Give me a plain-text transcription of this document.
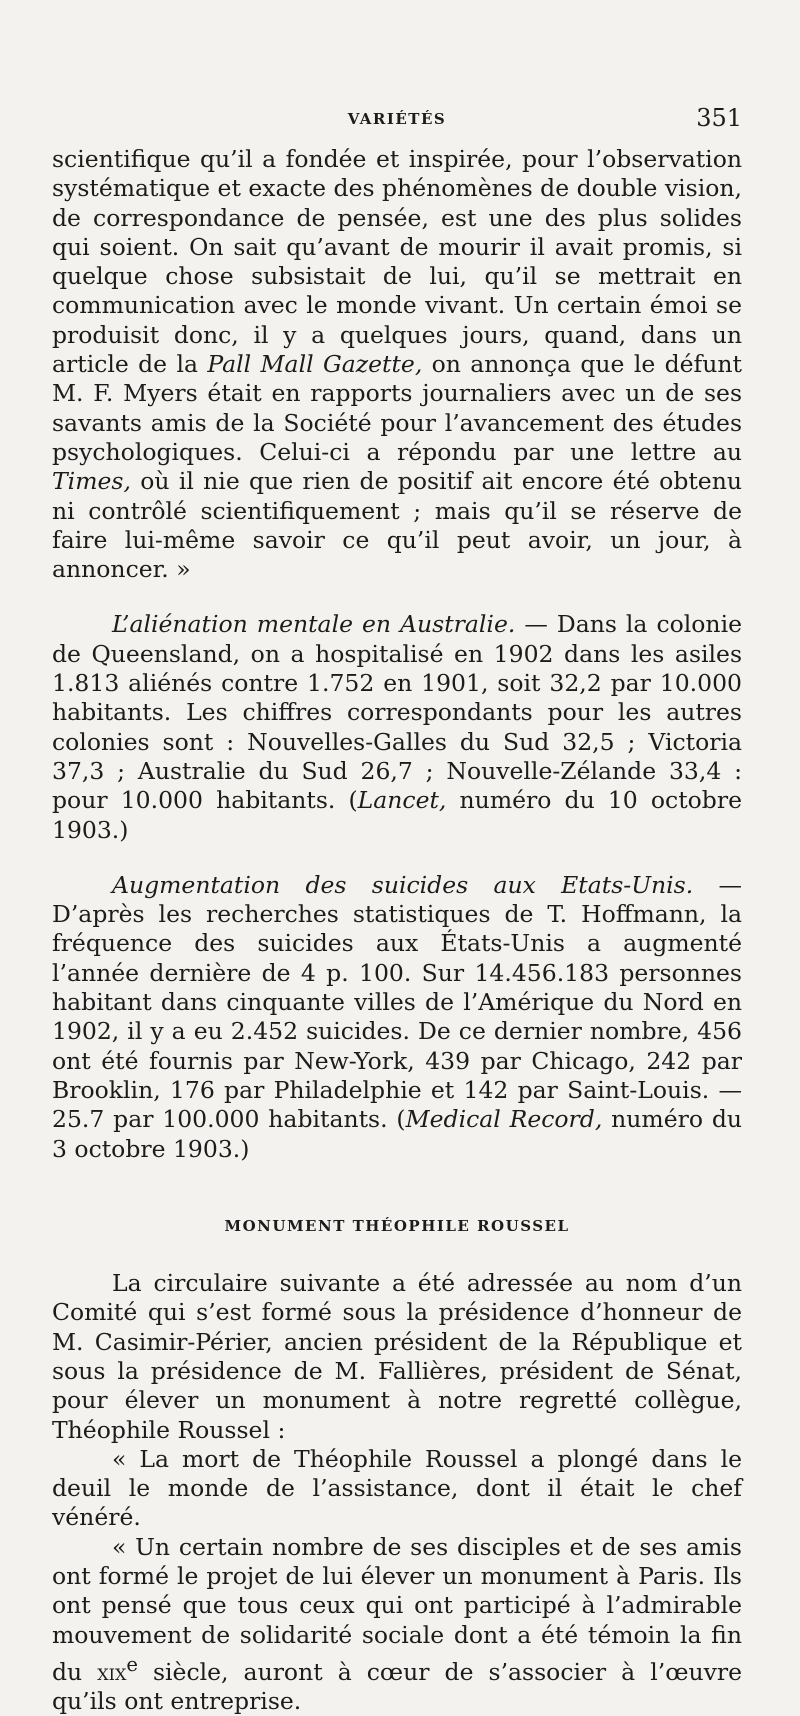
VARIÉTÉS	351

scientifique qu’il a fondée et inspirée, pour l’observation systématique et exacte des phénomènes de double vision, de correspondance de pensée, est une des plus solides qui soient. On sait qu’avant de mourir il avait promis, si quelque chose subsistait de lui, qu’il se mettrait en communication avec le monde vivant. Un certain émoi se produisit donc, il y a quelques jours, quand, dans un article de la Pall Mall Gazette, on annonça que le défunt M. F. Myers était en rapports journaliers avec un de ses savants amis de la Société pour l’avancement des études psychologiques. Celui-ci a répondu par une lettre au Times, où il nie que rien de positif ait encore été obtenu ni contrôlé scientifiquement ; mais qu’il se réserve de faire lui-même savoir ce qu’il peut avoir, un jour, à annoncer. »

L’aliénation mentale en Australie. — Dans la colonie de Queensland, on a hospitalisé en 1902 dans les asiles 1.813 aliénés contre 1.752 en 1901, soit 32,2 par 10.000 habitants. Les chiffres correspondants pour les autres colonies sont : Nouvelles-Galles du Sud 32,5 ; Victoria 37,3 ; Australie du Sud 26,7 ; Nouvelle-Zélande 33,4 : pour 10.000 habitants. (Lancet, numéro du 10 octobre 1903.)

Augmentation des suicides aux Etats-Unis. — D’après les recherches statistiques de T. Hoffmann, la fréquence des suicides aux États-Unis a augmenté l’année dernière de 4 p. 100. Sur 14.456.183 personnes habitant dans cinquante villes de l’Amérique du Nord en 1902, il y a eu 2.452 suicides. De ce dernier nombre, 456 ont été fournis par New-York, 439 par Chicago, 242 par Brooklin, 176 par Philadelphie et 142 par Saint-Louis. — 25.7 par 100.000 habitants. (Medical Record, numéro du 3 octobre 1903.)

MONUMENT THÉOPHILE ROUSSEL

La circulaire suivante a été adressée au nom d’un Comité qui s’est formé sous la présidence d’honneur de M. Casimir-Périer, ancien président de la République et sous la présidence de M. Fallières, président de Sénat, pour élever un monument à notre regretté collègue, Théophile Roussel :

« La mort de Théophile Roussel a plongé dans le deuil le monde de l’assistance, dont il était le chef vénéré.

« Un certain nombre de ses disciples et de ses amis ont formé le projet de lui élever un monument à Paris. Ils ont pensé que tous ceux qui ont participé à l’admirable mouvement de solidarité sociale dont a été témoin la fin du xix$^e$ siècle, auront à cœur de s’associer à l’œuvre qu’ils ont entreprise.
